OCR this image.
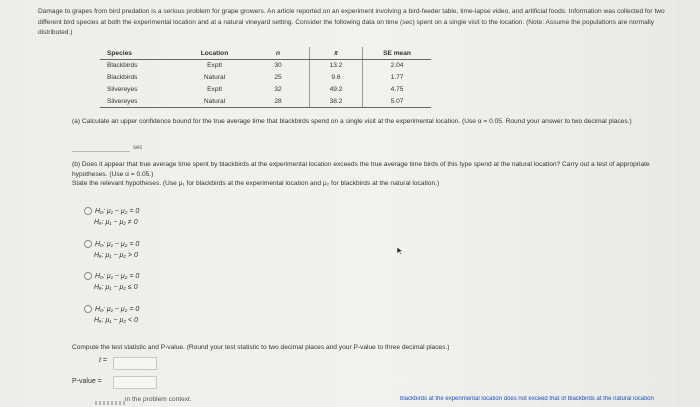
Damage to grapes from bird predation is a serious problem for grape growers. An article reported on an experiment involving a bird-feeder table, time-lapse video, and artificial foods. Information was collected for two different bird species at both the experimental location and at a natural vineyard setting. Consider the following data on time (sec) spent on a single visit to the location. (Note: Assume the populations are normally distributed.)
Species	Location	n	x̄	SE mean
Blackbirds	Exptl	30	13.2	2.04
Blackbirds	Natural	25	9.6	1.77
Silvereyes	Exptl	32	49.2	4.75
Silvereyes	Natural	28	38.2	5.07
(a) Calculate an upper confidence bound for the true average time that blackbirds spend on a single visit at the experimental location. (Use α = 0.05. Round your answer to two decimal places.)
sec
(b) Does it appear that true average time spent by blackbirds at the experimental location exceeds the true average time birds of this type spend at the natural location? Carry out a test of appropriate hypotheses. (Use α = 0.05.)
State the relevant hypotheses. (Use μ₁ for blackbirds at the experimental location and μ₂ for blackbirds at the natural location.)
H₀: μ₁ − μ₂ = 0
Hₐ: μ₁ − μ₂ ≠ 0
H₀: μ₁ − μ₂ = 0
Hₐ: μ₁ − μ₂ > 0
H₀: μ₁ − μ₂ = 0
Hₐ: μ₁ − μ₂ ≤ 0
H₀: μ₁ − μ₂ = 0
Hₐ: μ₁ − μ₂ < 0
Compute the test statistic and P-value. (Round your test statistic to two decimal places and your P-value to three decimal places.)
t =
P-value =
in the problem context.	blackbirds at the experimental location does not exceed that of blackbirds at the natural location
